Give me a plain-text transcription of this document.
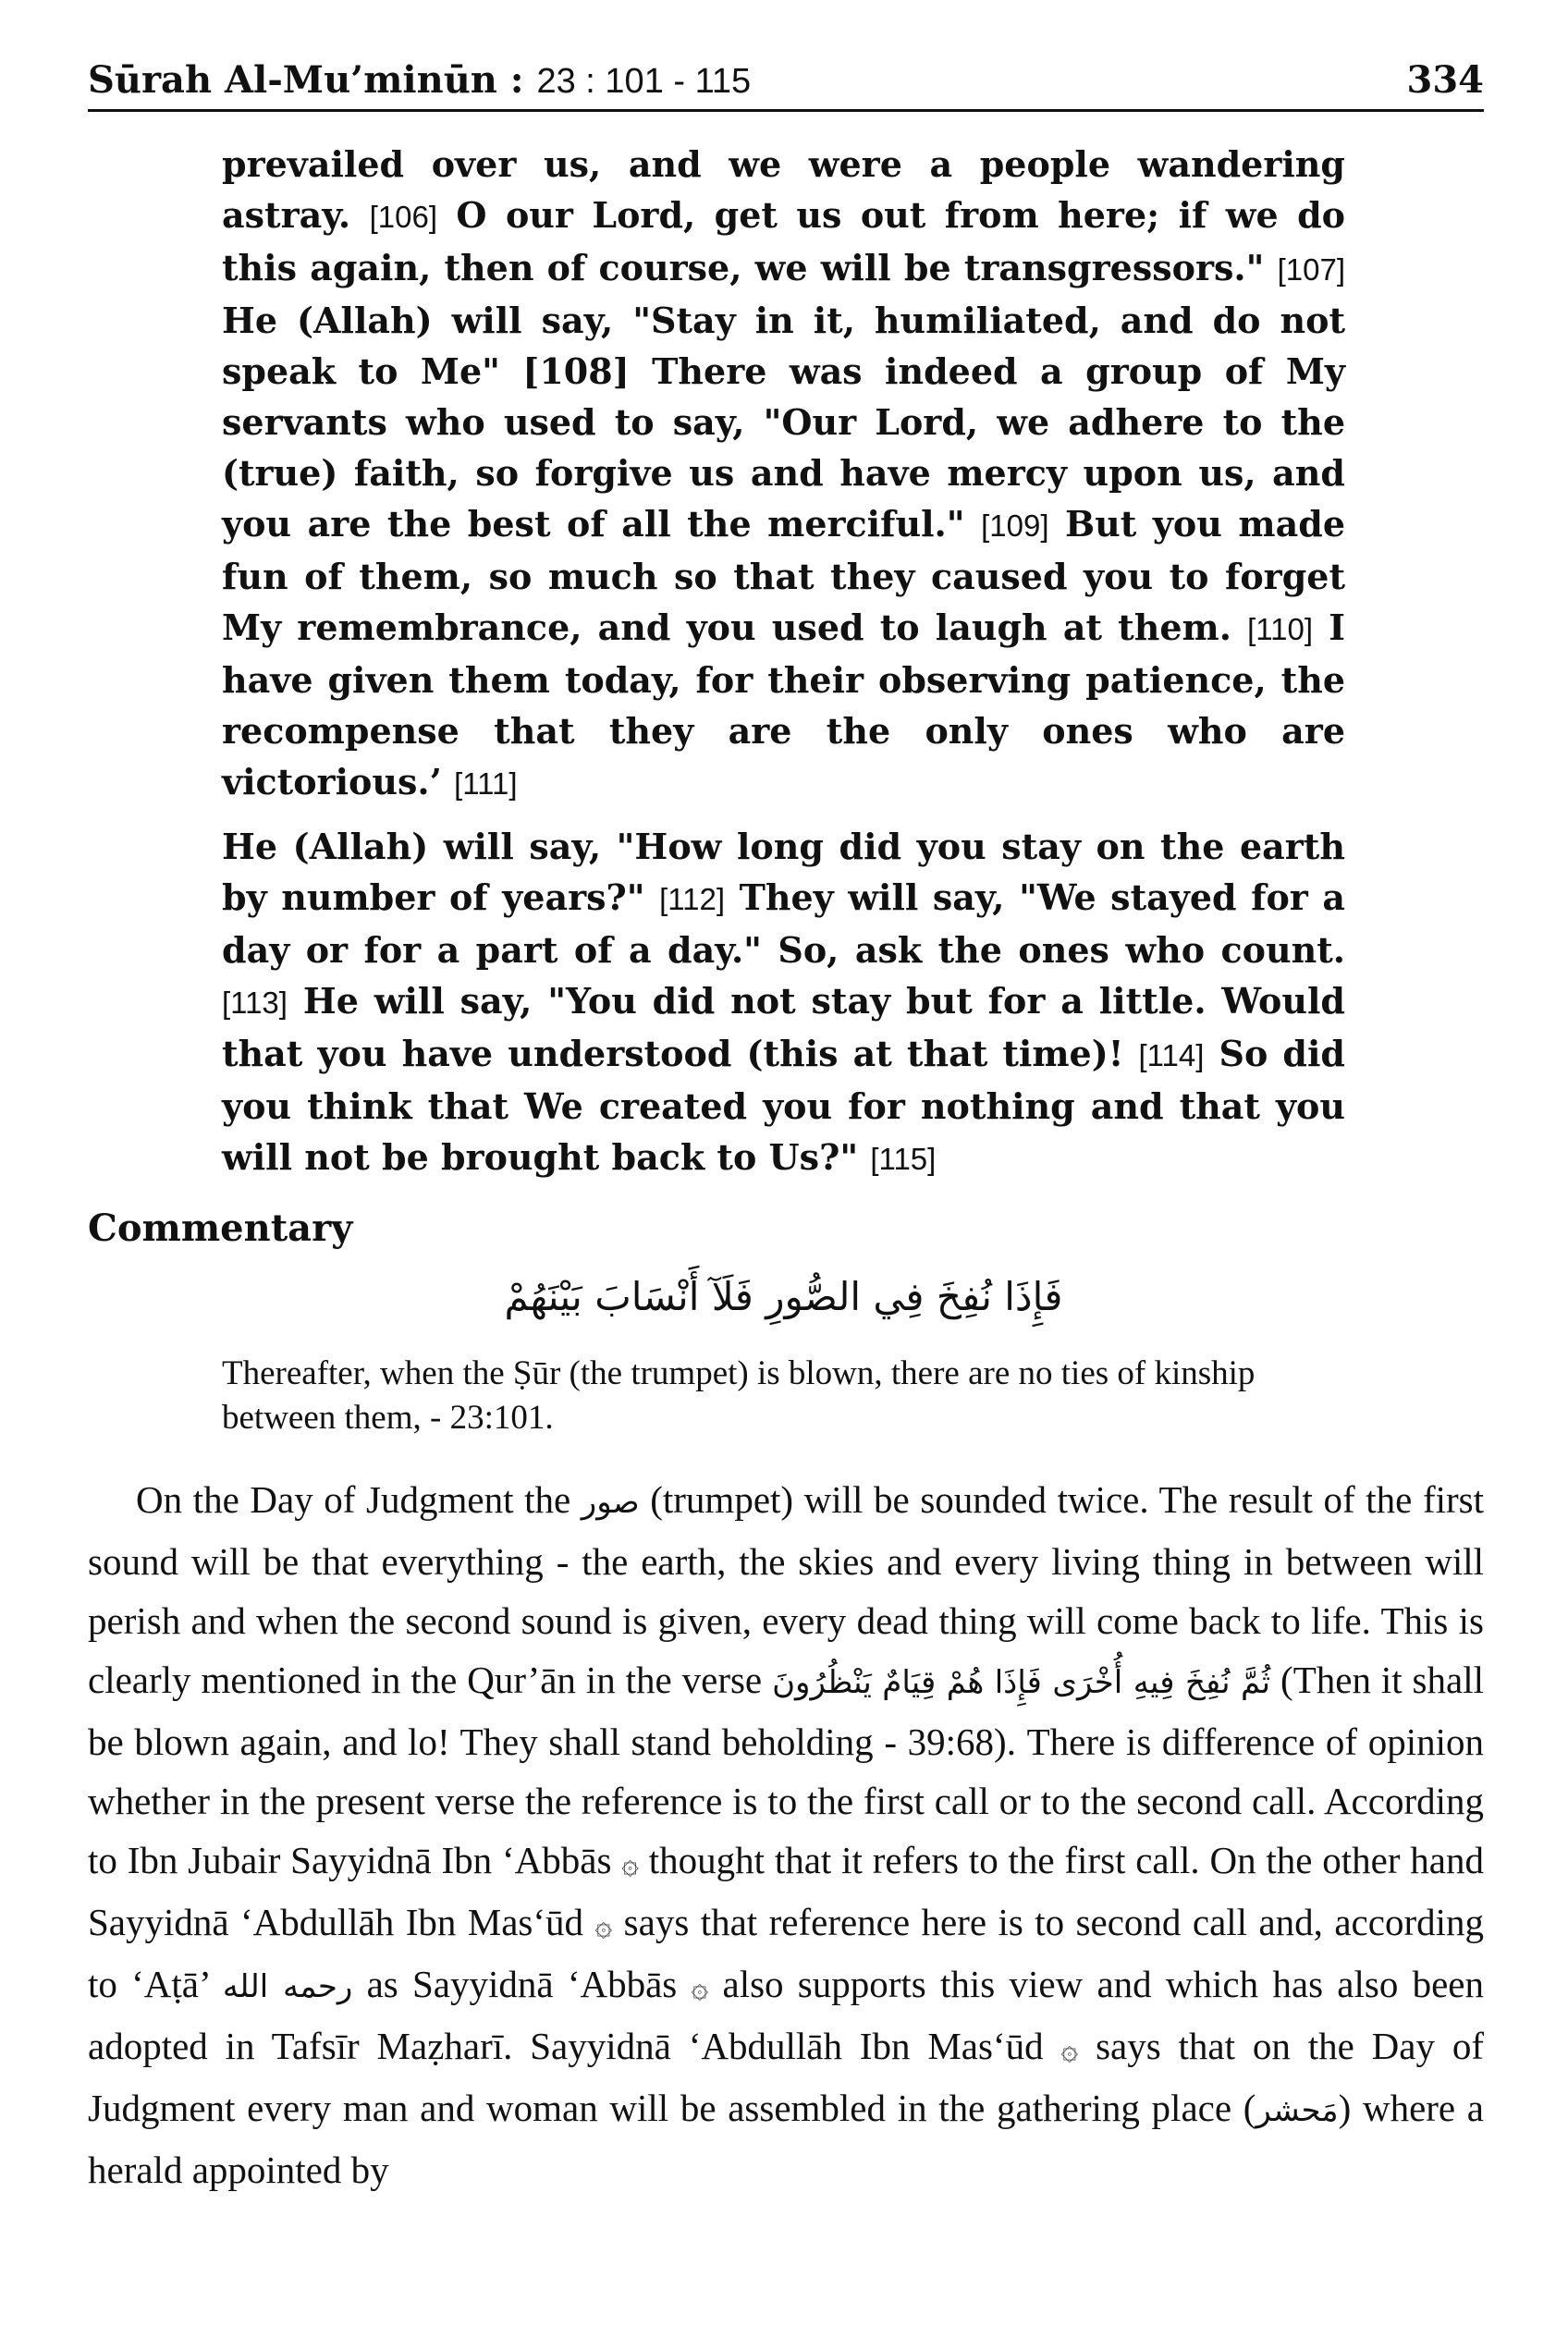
Sūrah Al-Mu’minūn : 23 : 101 - 115	334

prevailed over us, and we were a people wandering astray. [106] O our Lord, get us out from here; if we do this again, then of course, we will be transgressors." [107] He (Allah) will say, "Stay in it, humiliated, and do not speak to Me" [108] There was indeed a group of My servants who used to say, "Our Lord, we adhere to the (true) faith, so forgive us and have mercy upon us, and you are the best of all the merciful." [109] But you made fun of them, so much so that they caused you to forget My remembrance, and you used to laugh at them. [110] I have given them today, for their observing patience, the recompense that they are the only ones who are victorious.’ [111]

He (Allah) will say, "How long did you stay on the earth by number of years?" [112] They will say, "We stayed for a day or for a part of a day." So, ask the ones who count. [113] He will say, "You did not stay but for a little. Would that you have understood (this at that time)! [114] So did you think that We created you for nothing and that you will not be brought back to Us?" [115]

Commentary

فَإِذَا نُفِخَ فِي الصُّورِ فَلَآ أَنْسَابَ بَيْنَهُمْ

Thereafter, when the Ṣūr (the trumpet) is blown, there are no ties of kinship between them, - 23:101.

On the Day of Judgment the صور (trumpet) will be sounded twice. The result of the first sound will be that everything - the earth, the skies and every living thing in between will perish and when the second sound is given, every dead thing will come back to life. This is clearly mentioned in the Qur’ān in the verse ثُمَّ نُفِخَ فِيهِ أُخْرَى فَإِذَا هُمْ قِيَامٌ يَنْظُرُونَ (Then it shall be blown again, and lo! They shall stand beholding - 39:68). There is difference of opinion whether in the present verse the reference is to the first call or to the second call. According to Ibn Jubair Sayyidnā Ibn ‘Abbās ۞ thought that it refers to the first call. On the other hand Sayyidnā ‘Abdullāh Ibn Mas‘ūd ۞ says that reference here is to second call and, according to ‘Aṭā’ رحمه الله as Sayyidnā ‘Abbās ۞ also supports this view and which has also been adopted in Tafsīr Maẓharī. Sayyidnā ‘Abdullāh Ibn Mas‘ūd ۞ says that on the Day of Judgment every man and woman will be assembled in the gathering place (مَحشر) where a herald appointed by
